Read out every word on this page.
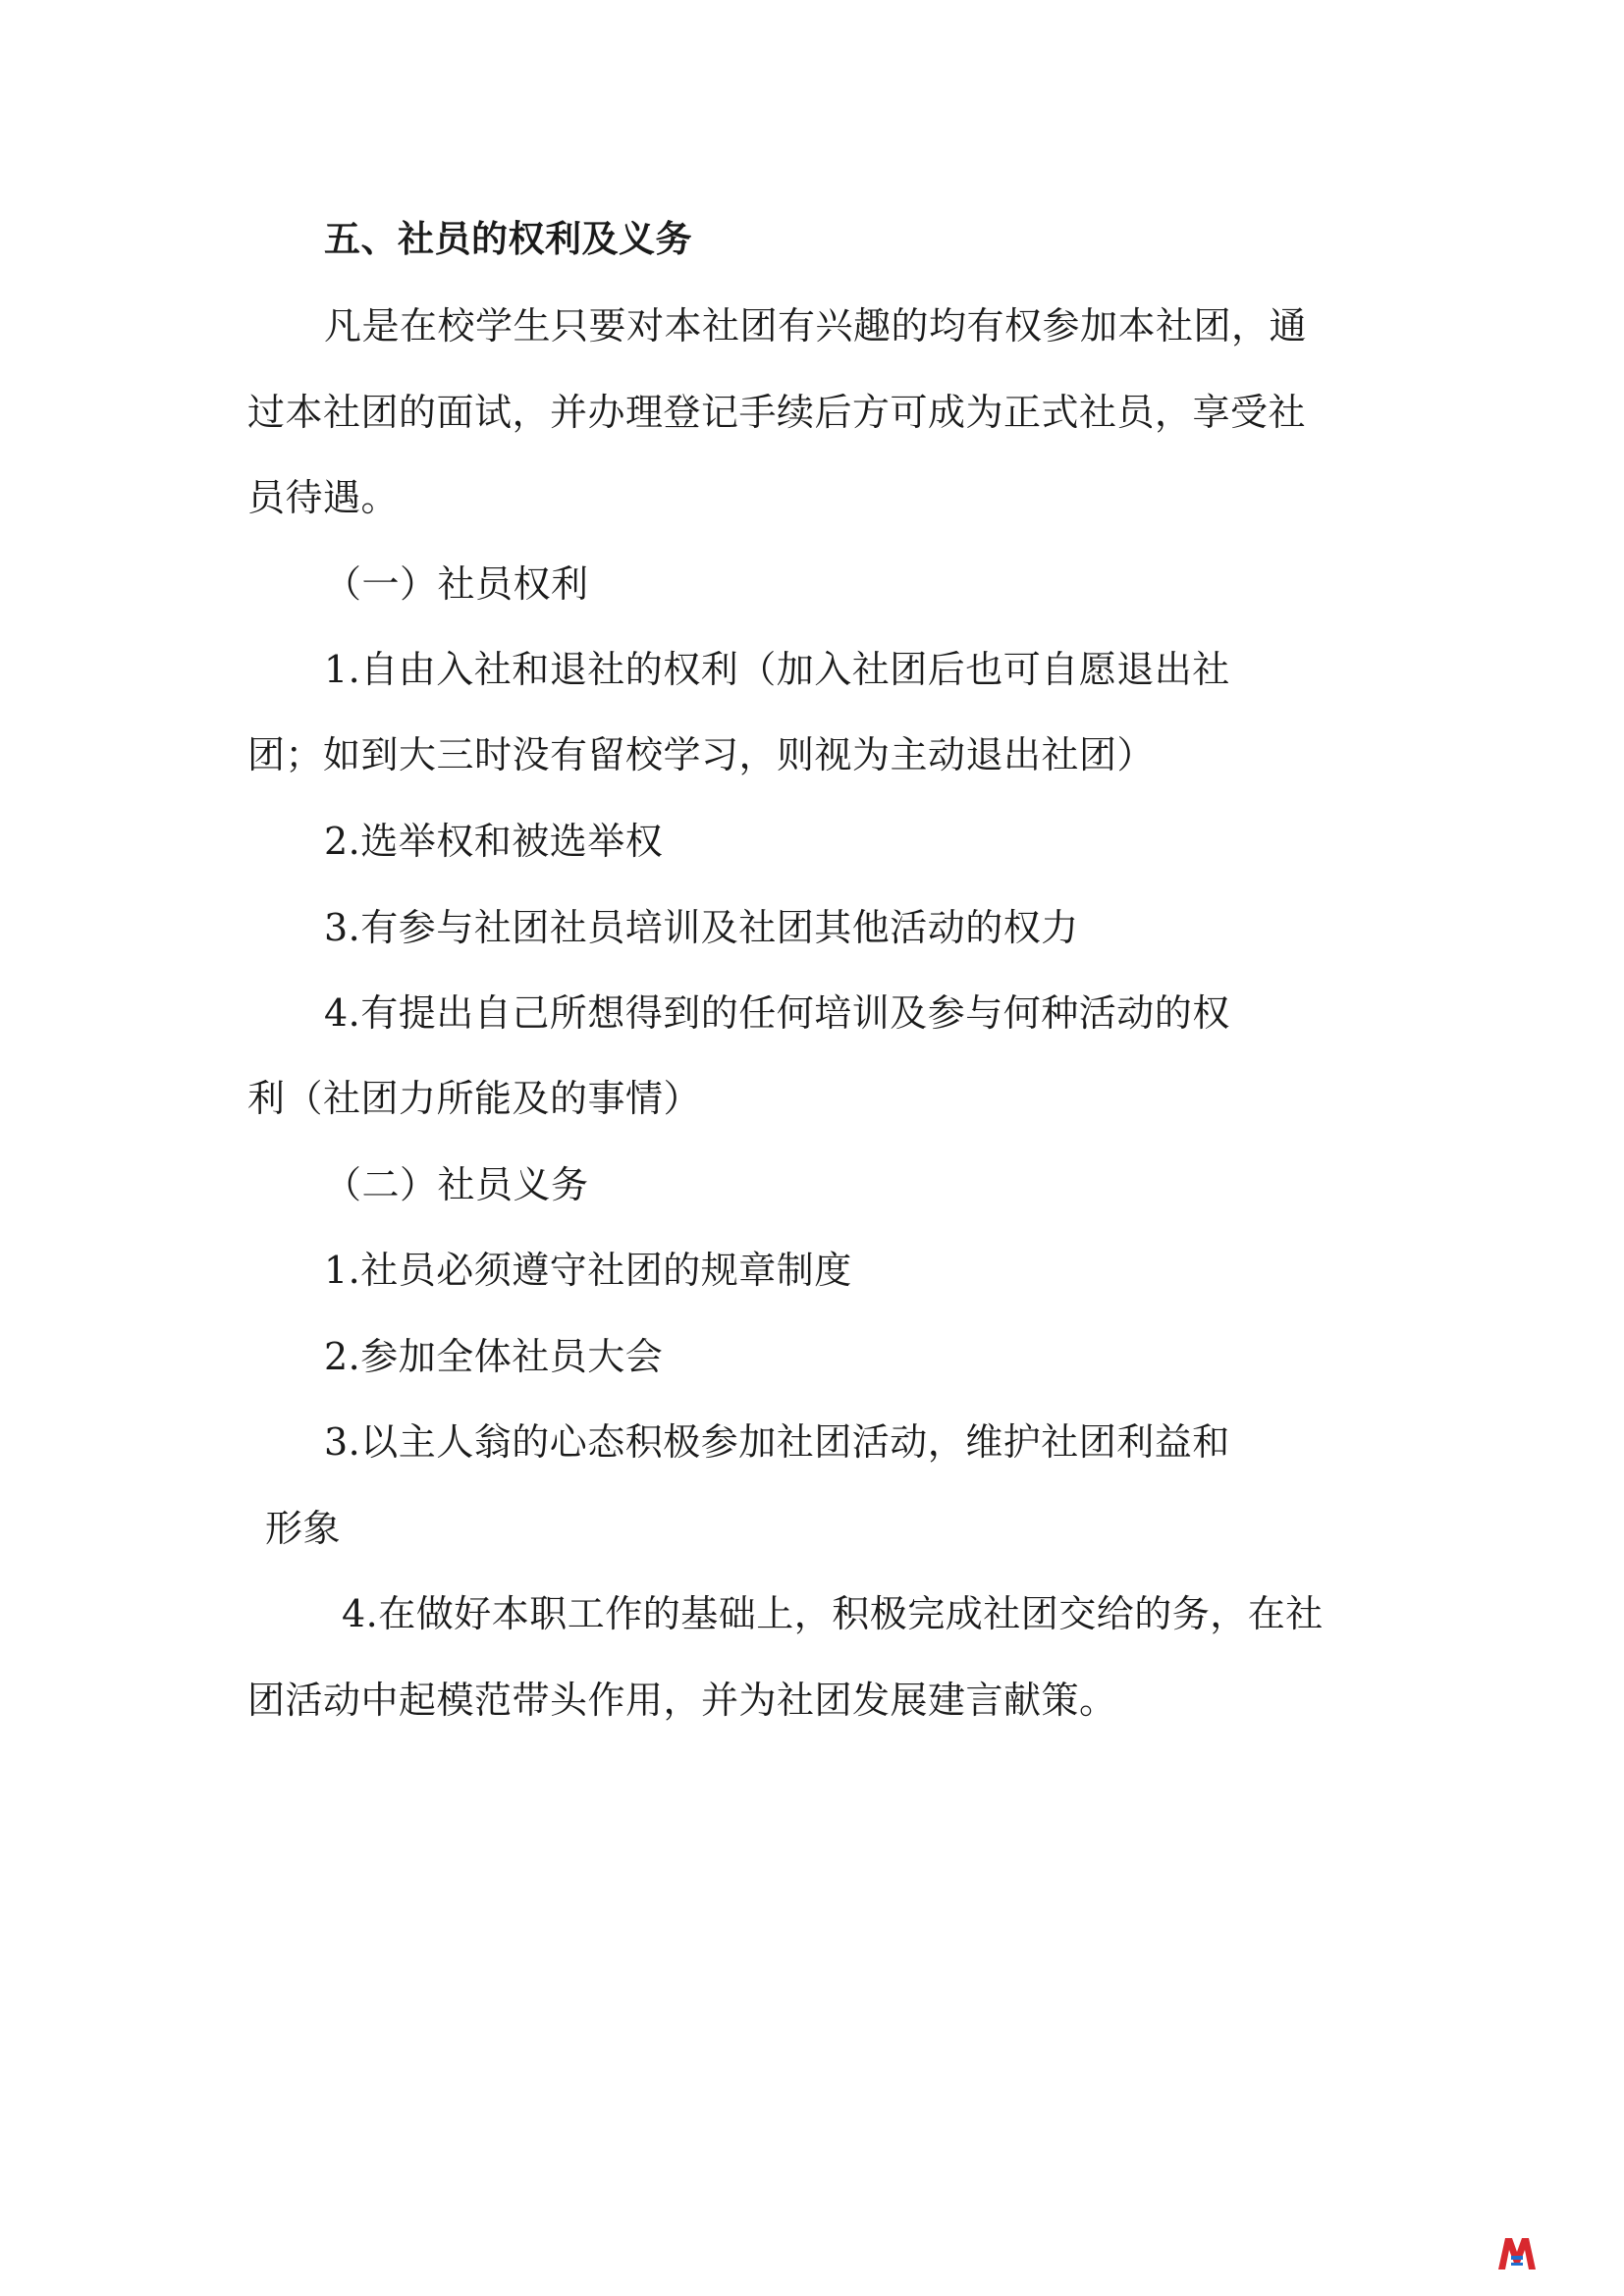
五、社员的权利及义务
凡是在校学生只要对本社团有兴趣的均有权参加本社团，通
过本社团的面试，并办理登记手续后方可成为正式社员，享受社
员待遇。
（一）社员权利
1.自由入社和退社的权利（加入社团后也可自愿退出社
团；如到大三时没有留校学习，则视为主动退出社团）
2.选举权和被选举权
3.有参与社团社员培训及社团其他活动的权力
4.有提出自己所想得到的任何培训及参与何种活动的权
利（社团力所能及的事情）
（二）社员义务
1.社员必须遵守社团的规章制度
2.参加全体社员大会
3.以主人翁的心态积极参加社团活动，维护社团利益和
形象
4.在做好本职工作的基础上，积极完成社团交给的务，在社
团活动中起模范带头作用，并为社团发展建言献策。
